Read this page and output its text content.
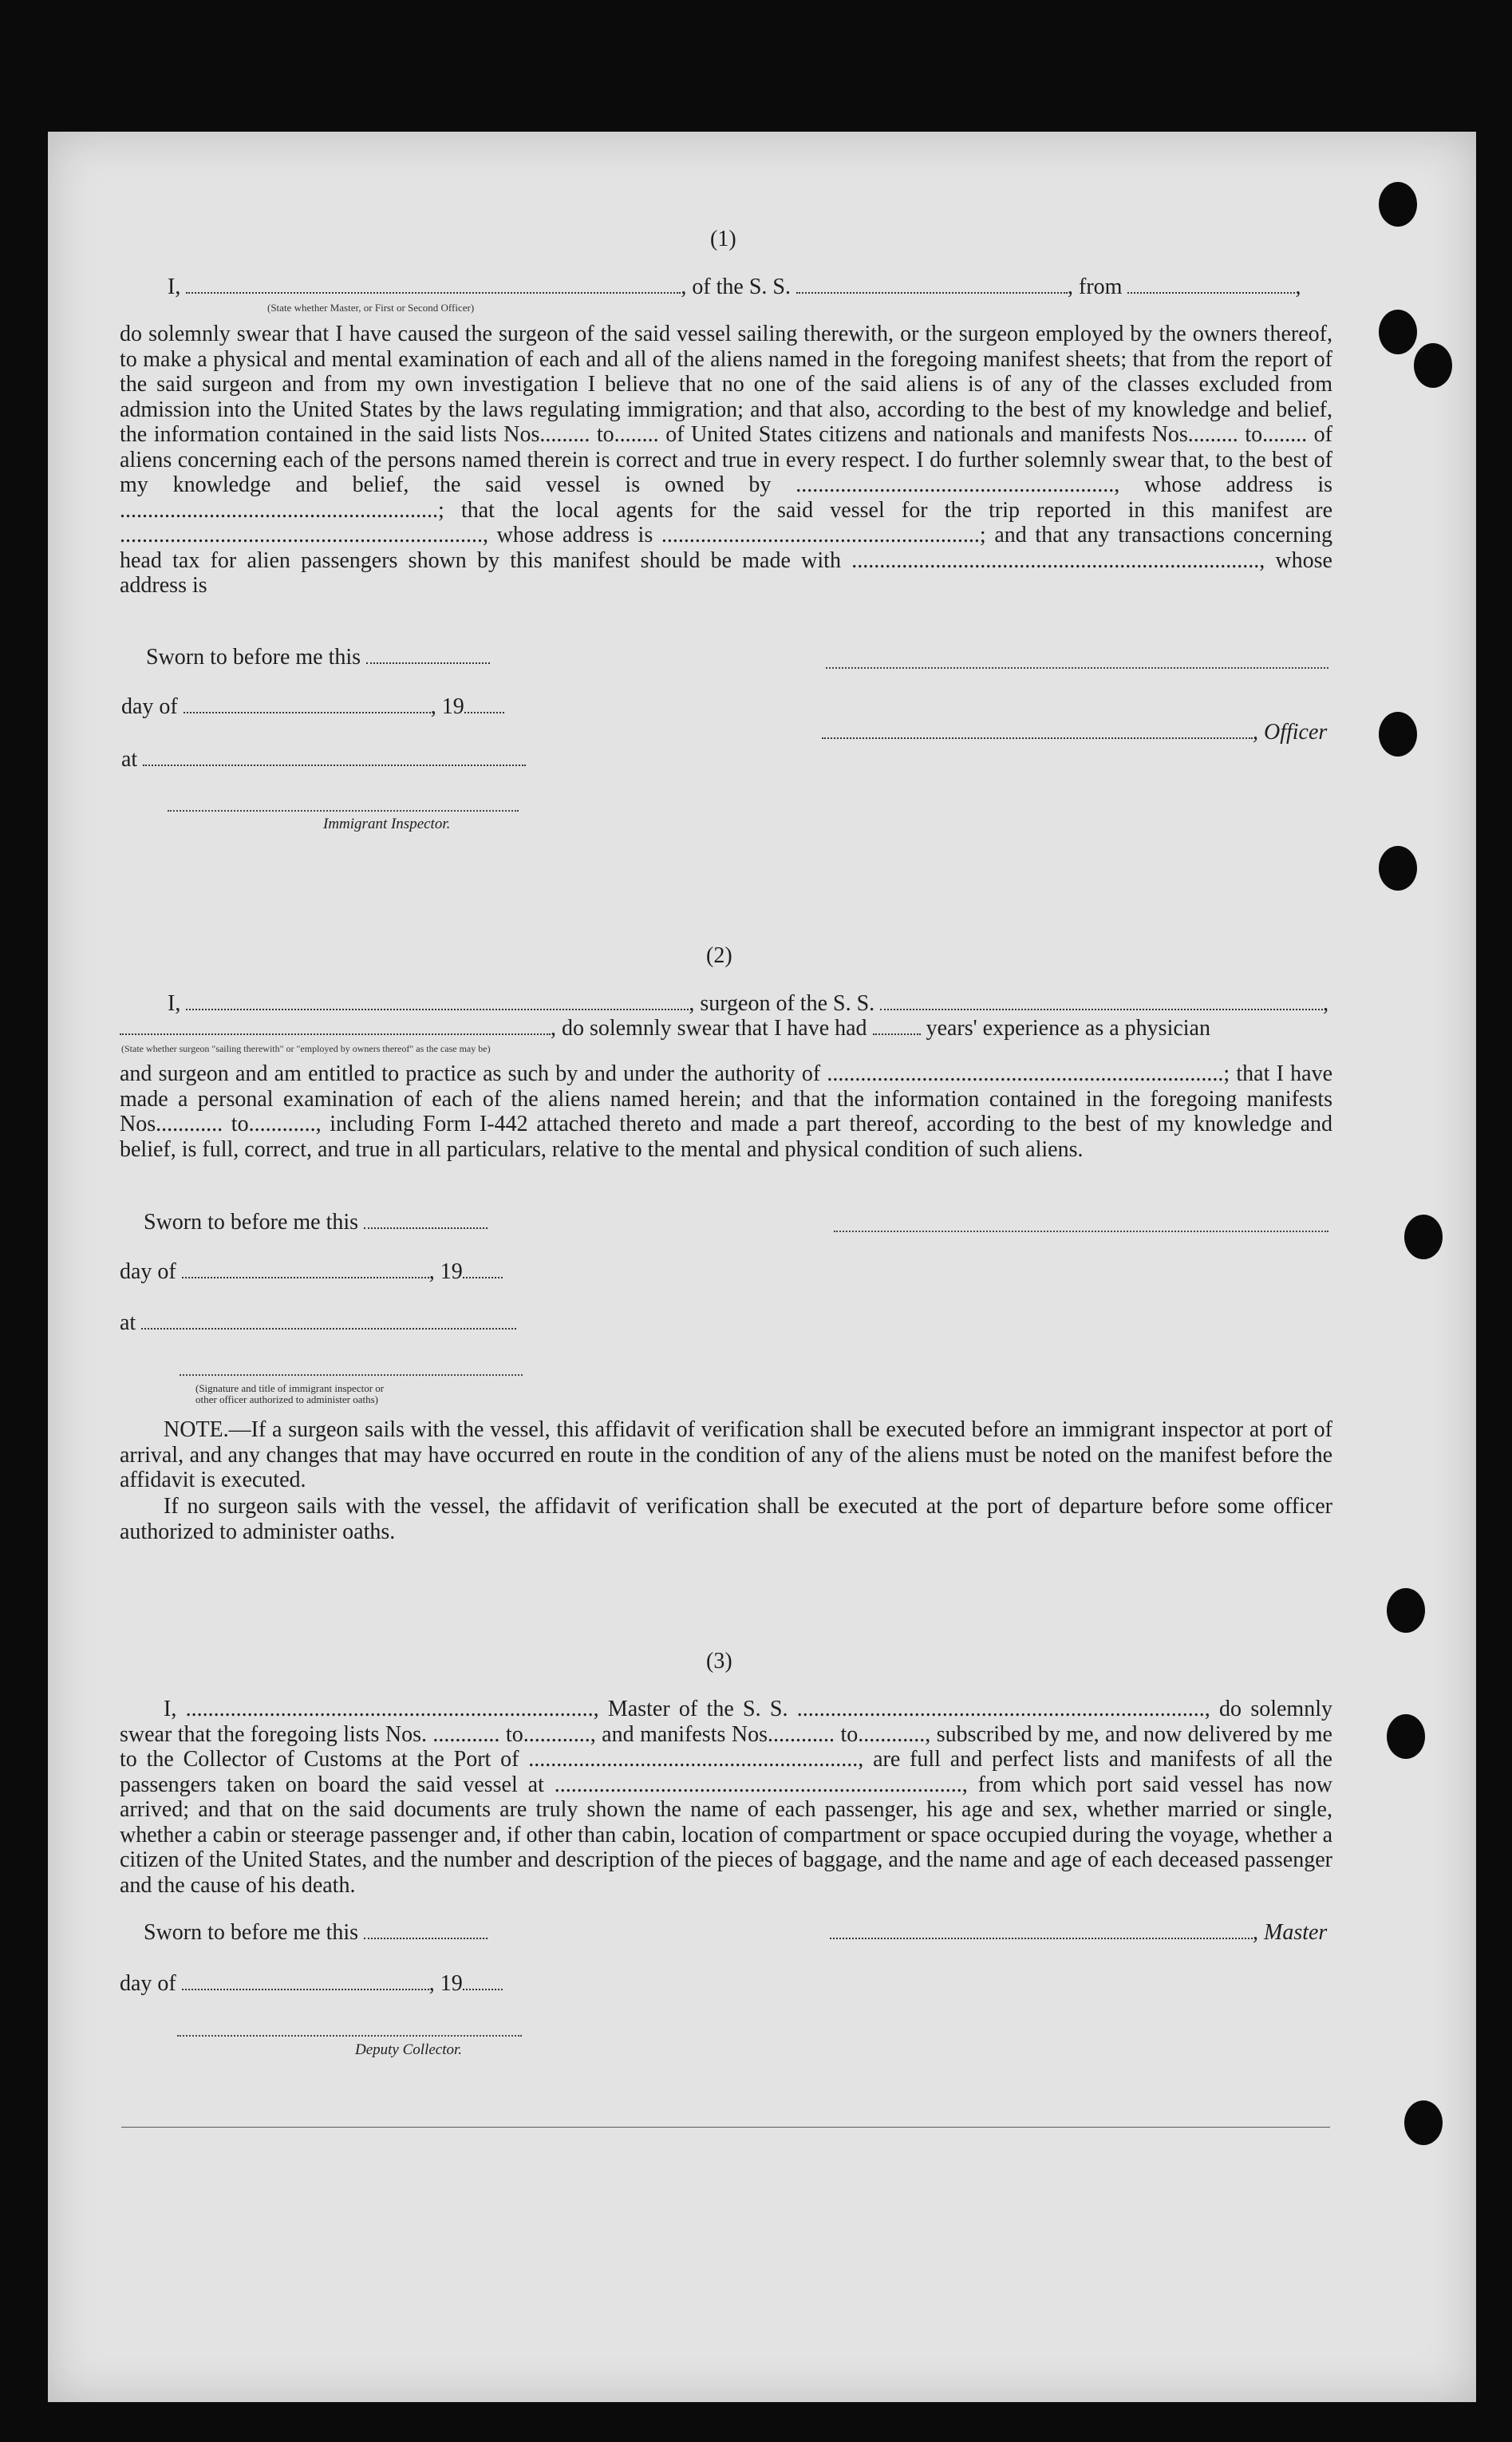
(1)
I,	, of the S. S.	, from	,
(State whether Master, or First or Second Officer)
do solemnly swear that I have caused the surgeon of the said vessel sailing therewith, or the surgeon employed by the owners thereof, to make a physical and mental examination of each and all of the aliens named in the foregoing manifest sheets; that from the report of the said surgeon and from my own investigation I believe that no one of the said aliens is of any of the classes excluded from admission into the United States by the laws regulating immigration; and that also, according to the best of my knowledge and belief, the information contained in the said lists Nos......... to........ of United States citizens and nationals and manifests Nos......... to........ of aliens concerning each of the persons named therein is correct and true in every respect. I do further solemnly swear that, to the best of my knowledge and belief, the said vessel is owned by ........................................................., whose address is .........................................................; that the local agents for the said vessel for the trip reported in this manifest are ................................................................., whose address is .........................................................; and that any transactions concerning head tax for alien passengers shown by this manifest should be made with ........................................................................., whose address is
Sworn to before me this
day of	, 19
at
, Officer
Immigrant Inspector.
(2)
I,	, surgeon of the S. S.	,
, do solemnly swear that I have had	years' experience as a physician
(State whether surgeon "sailing therewith" or "employed by owners thereof" as the case may be)
and surgeon and am entitled to practice as such by and under the authority of .......................................................................; that I have made a personal examination of each of the aliens named herein; and that the information contained in the foregoing manifests Nos............ to............, including Form I-442 attached thereto and made a part thereof, according to the best of my knowledge and belief, is full, correct, and true in all particulars, relative to the mental and physical condition of such aliens.
Sworn to before me this
day of	, 19
at
(Signature and title of immigrant inspector or
other officer authorized to administer oaths)
NOTE.—If a surgeon sails with the vessel, this affidavit of verification shall be executed before an immigrant inspector at port of arrival, and any changes that may have occurred en route in the condition of any of the aliens must be noted on the manifest before the affidavit is executed.
If no surgeon sails with the vessel, the affidavit of verification shall be executed at the port of departure before some officer authorized to administer oaths.
(3)
I, ........................................................................., Master of the S. S. ........................................................................., do solemnly swear that the foregoing lists Nos. ............ to............, and manifests Nos............ to............, subscribed by me, and now delivered by me to the Collector of Customs at the Port of ..........................................................., are full and perfect lists and manifests of all the passengers taken on board the said vessel at ........................................................................., from which port said vessel has now arrived; and that on the said documents are truly shown the name of each passenger, his age and sex, whether married or single, whether a cabin or steerage passenger and, if other than cabin, location of compartment or space occupied during the voyage, whether a citizen of the United States, and the number and description of the pieces of baggage, and the name and age of each deceased passenger and the cause of his death.
Sworn to before me this	, Master
day of	, 19
Deputy Collector.
